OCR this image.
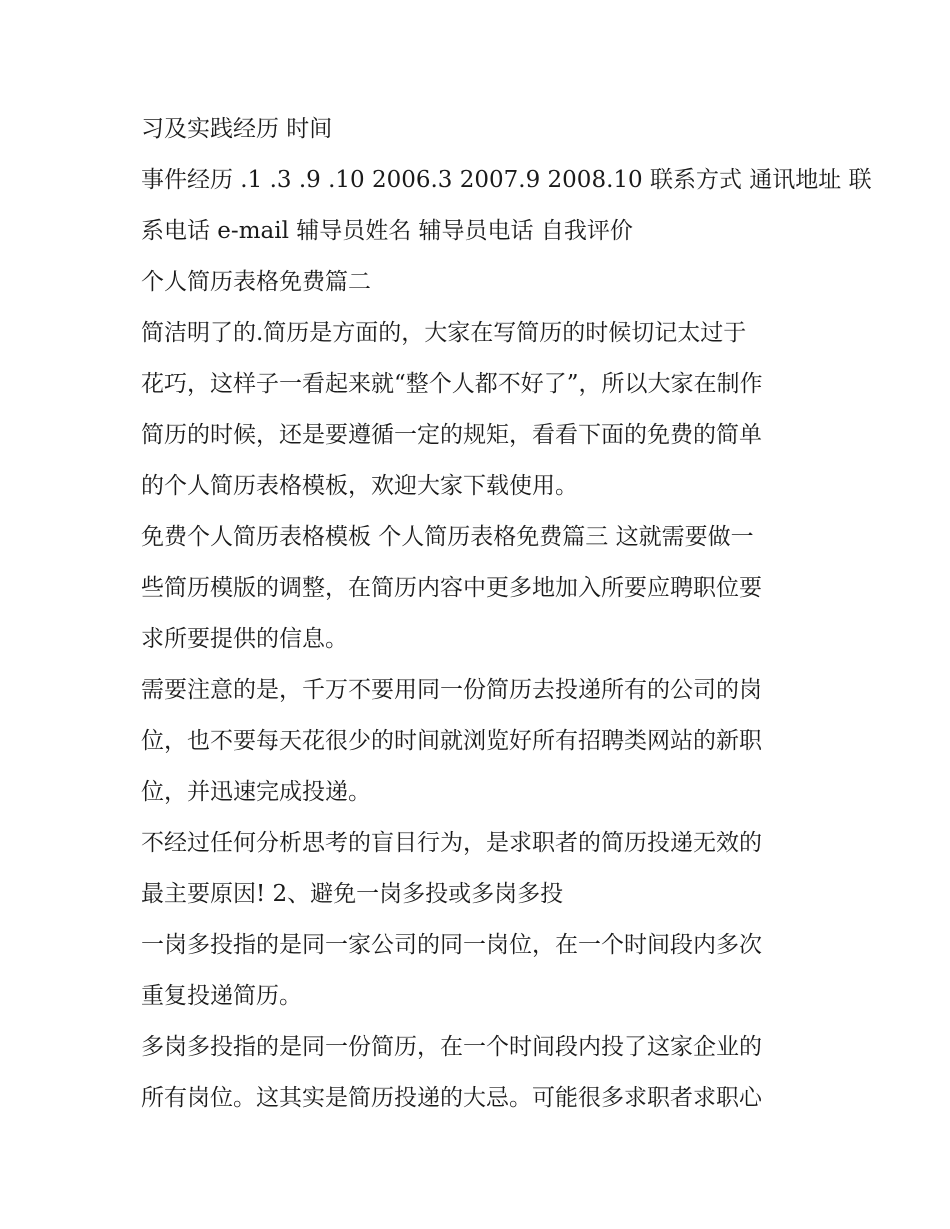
习及实践经历 时间
事件经历 .1 .3 .9 .10 2006.3 2007.9 2008.10 联系方式 通讯地址 联
系电话 e-mail 辅导员姓名 辅导员电话 自我评价
个人简历表格免费篇二
简洁明了的.简历是方面的，大家在写简历的时候切记太过于
花巧，这样子一看起来就“整个人都不好了”，所以大家在制作
简历的时候，还是要遵循一定的规矩，看看下面的免费的简单
的个人简历表格模板，欢迎大家下载使用。
免费个人简历表格模板 个人简历表格免费篇三 这就需要做一
些简历模版的调整，在简历内容中更多地加入所要应聘职位要
求所要提供的信息。
需要注意的是，千万不要用同一份简历去投递所有的公司的岗
位，也不要每天花很少的时间就浏览好所有招聘类网站的新职
位，并迅速完成投递。
不经过任何分析思考的盲目行为，是求职者的简历投递无效的
最主要原因! 2、避免一岗多投或多岗多投
一岗多投指的是同一家公司的同一岗位，在一个时间段内多次
重复投递简历。
多岗多投指的是同一份简历，在一个时间段内投了这家企业的
所有岗位。这其实是简历投递的大忌。可能很多求职者求职心
